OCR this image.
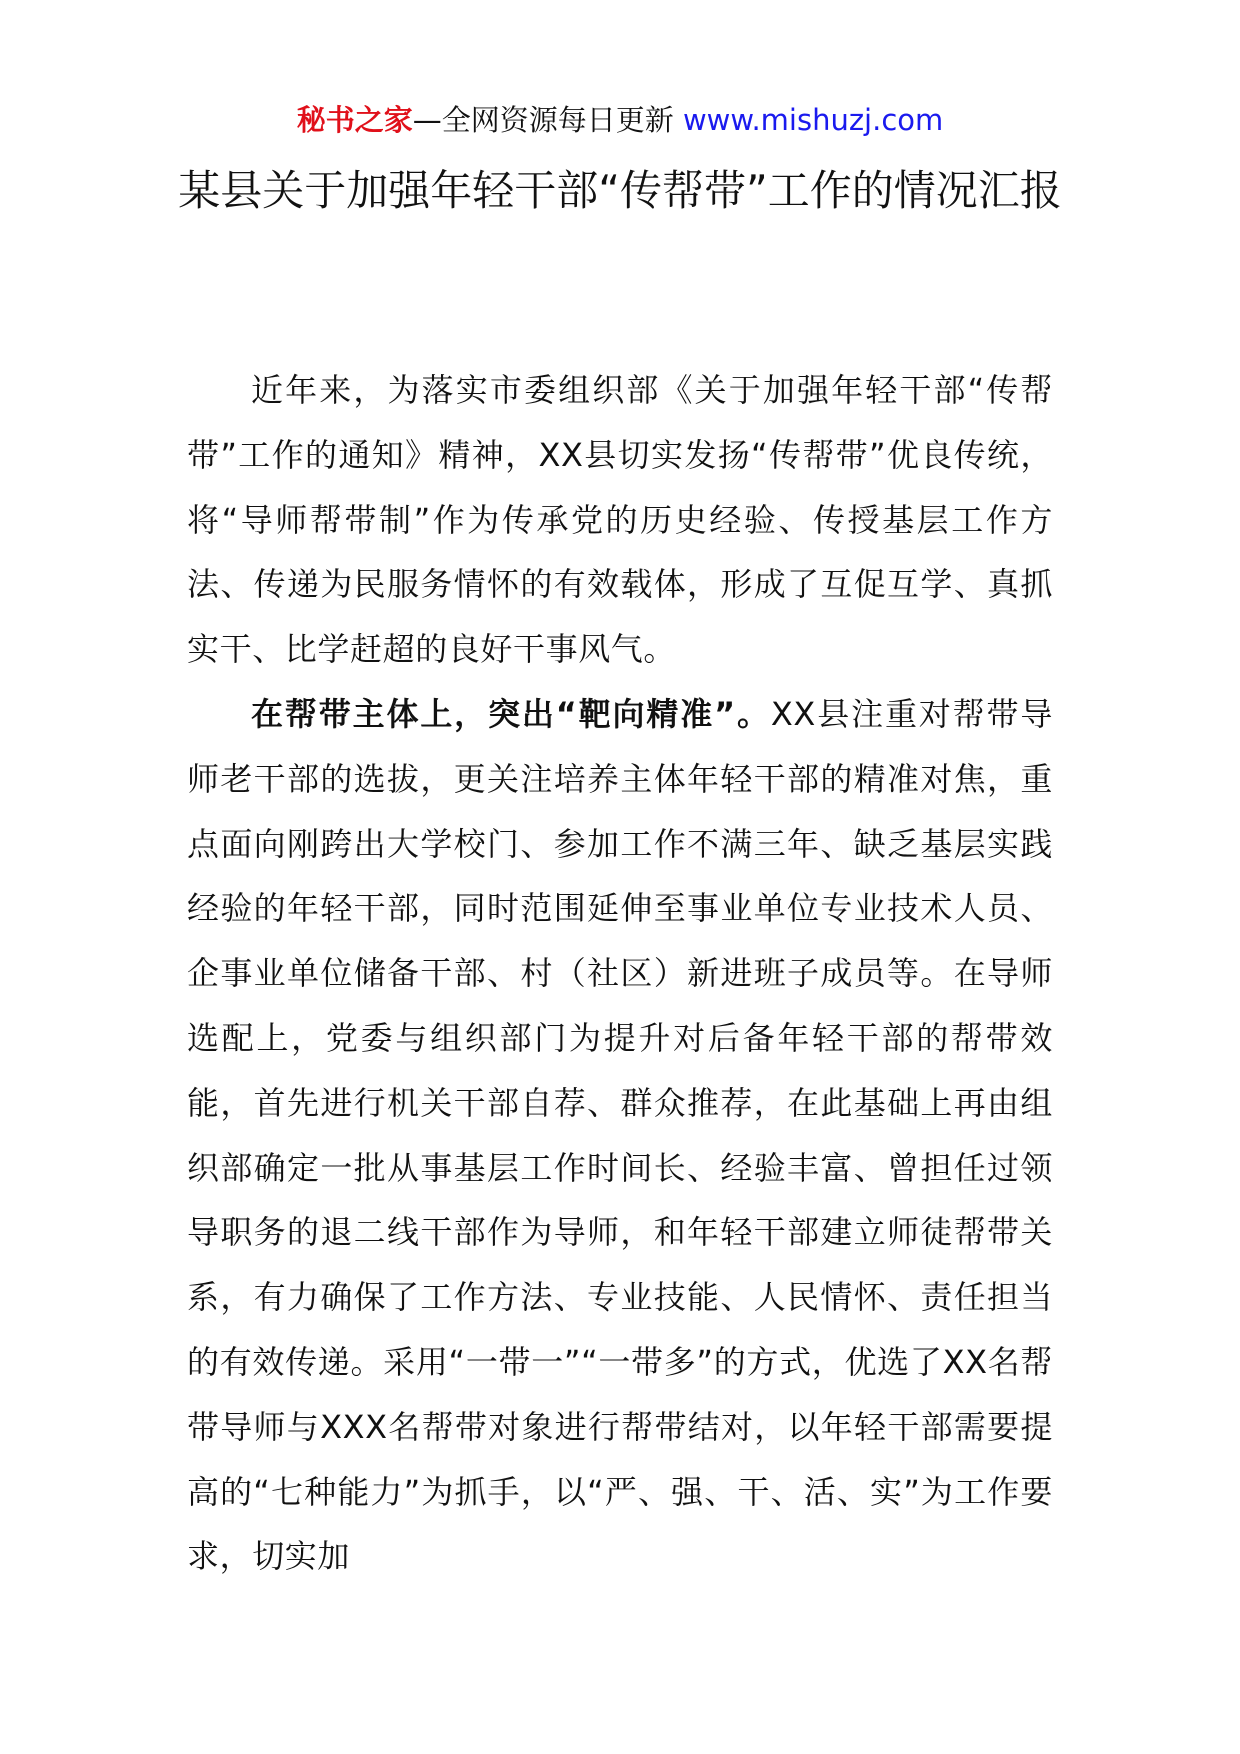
秘书之家—全网资源每日更新 www.mishuzj.com
某县关于加强年轻干部“传帮带”工作的情况汇报

近年来，为落实市委组织部《关于加强年轻干部“传帮带”工作的通知》精神，XX县切实发扬“传帮带”优良传统，将“导师帮带制”作为传承党的历史经验、传授基层工作方法、传递为民服务情怀的有效载体，形成了互促互学、真抓实干、比学赶超的良好干事风气。

在帮带主体上，突出“靶向精准”。XX县注重对帮带导师老干部的选拔，更关注培养主体年轻干部的精准对焦，重点面向刚跨出大学校门、参加工作不满三年、缺乏基层实践经验的年轻干部，同时范围延伸至事业单位专业技术人员、企事业单位储备干部、村（社区）新进班子成员等。在导师选配上，党委与组织部门为提升对后备年轻干部的帮带效能，首先进行机关干部自荐、群众推荐，在此基础上再由组织部确定一批从事基层工作时间长、经验丰富、曾担任过领导职务的退二线干部作为导师，和年轻干部建立师徒帮带关系，有力确保了工作方法、专业技能、人民情怀、责任担当的有效传递。采用“一带一”“一带多”的方式，优选了XX名帮带导师与XXX名帮带对象进行帮带结对，以年轻干部需要提高的“七种能力”为抓手，以“严、强、干、活、实”为工作要求，切实加
